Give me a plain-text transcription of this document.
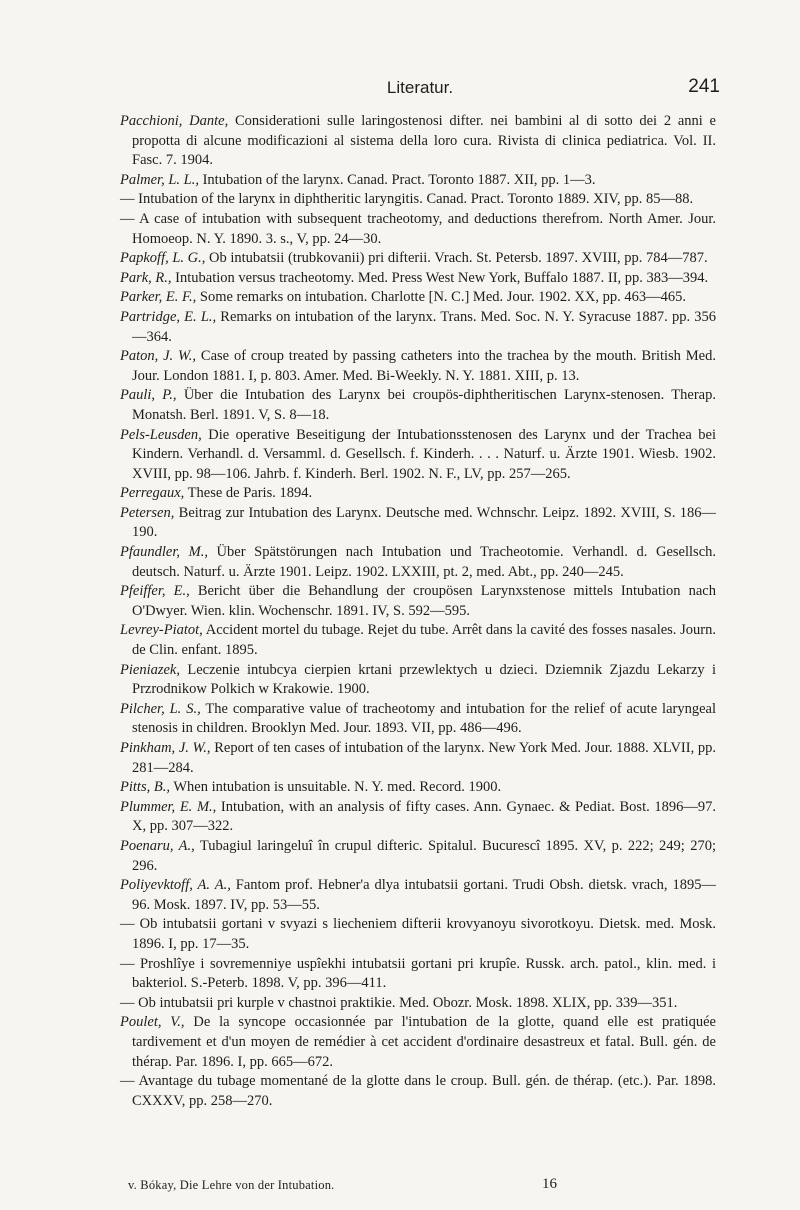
Literatur.	241

Pacchioni, Dante, Considerationi sulle laringostenosi difter. nei bambini al di sotto dei 2 anni e propotta di alcune modificazioni al sistema della loro cura. Rivista di clinica pediatrica. Vol. II. Fasc. 7. 1904.

Palmer, L. L., Intubation of the larynx. Canad. Pract. Toronto 1887. XII, pp. 1—3.

— Intubation of the larynx in diphtheritic laryngitis. Canad. Pract. Toronto 1889. XIV, pp. 85—88.

— A case of intubation with subsequent tracheotomy, and deductions therefrom. North Amer. Jour. Homoeop. N. Y. 1890. 3. s., V, pp. 24—30.

Papkoff, L. G., Ob intubatsii (trubkovanii) pri difterii. Vrach. St. Petersb. 1897. XVIII, pp. 784—787.

Park, R., Intubation versus tracheotomy. Med. Press West New York, Buffalo 1887. II, pp. 383—394.

Parker, E. F., Some remarks on intubation. Charlotte [N. C.] Med. Jour. 1902. XX, pp. 463—465.

Partridge, E. L., Remarks on intubation of the larynx. Trans. Med. Soc. N. Y. Syracuse 1887. pp. 356—364.

Paton, J. W., Case of croup treated by passing catheters into the trachea by the mouth. British Med. Jour. London 1881. I, p. 803. Amer. Med. Bi-Weekly. N. Y. 1881. XIII, p. 13.

Pauli, P., Über die Intubation des Larynx bei croupös-diphtheritischen Larynx-stenosen. Therap. Monatsh. Berl. 1891. V, S. 8—18.

Pels-Leusden, Die operative Beseitigung der Intubationsstenosen des Larynx und der Trachea bei Kindern. Verhandl. d. Versamml. d. Gesellsch. f. Kinderh. . . . Naturf. u. Ärzte 1901. Wiesb. 1902. XVIII, pp. 98—106. Jahrb. f. Kinderh. Berl. 1902. N. F., LV, pp. 257—265.

Perregaux, These de Paris. 1894.

Petersen, Beitrag zur Intubation des Larynx. Deutsche med. Wchnschr. Leipz. 1892. XVIII, S. 186—190.

Pfaundler, M., Über Spätstörungen nach Intubation und Tracheotomie. Verhandl. d. Gesellsch. deutsch. Naturf. u. Ärzte 1901. Leipz. 1902. LXXIII, pt. 2, med. Abt., pp. 240—245.

Pfeiffer, E., Bericht über die Behandlung der croupösen Larynxstenose mittels Intubation nach O'Dwyer. Wien. klin. Wochenschr. 1891. IV, S. 592—595.

Levrey-Piatot, Accident mortel du tubage. Rejet du tube. Arrêt dans la cavité des fosses nasales. Journ. de Clin. enfant. 1895.

Pieniazek, Leczenie intubcya cierpien krtani przewlektych u dzieci. Dziemnik Zjazdu Lekarzy i Przrodnikow Polkich w Krakowie. 1900.

Pilcher, L. S., The comparative value of tracheotomy and intubation for the relief of acute laryngeal stenosis in children. Brooklyn Med. Jour. 1893. VII, pp. 486—496.

Pinkham, J. W., Report of ten cases of intubation of the larynx. New York Med. Jour. 1888. XLVII, pp. 281—284.

Pitts, B., When intubation is unsuitable. N. Y. med. Record. 1900.

Plummer, E. M., Intubation, with an analysis of fifty cases. Ann. Gynaec. & Pediat. Bost. 1896—97. X, pp. 307—322.

Poenaru, A., Tubagiul laringeluî în crupul difteric. Spitalul. Bucurescî 1895. XV, p. 222; 249; 270; 296.

Poliyevktoff, A. A., Fantom prof. Hebner'a dlya intubatsii gortani. Trudi Obsh. dietsk. vrach, 1895—96. Mosk. 1897. IV, pp. 53—55.

— Ob intubatsii gortani v svyazi s liecheniem difterii krovyanoyu sivorotkoyu. Dietsk. med. Mosk. 1896. I, pp. 17—35.

— Proshlîye i sovremenniye uspîekhi intubatsii gortani pri krupîe. Russk. arch. patol., klin. med. i bakteriol. S.-Peterb. 1898. V, pp. 396—411.

— Ob intubatsii pri kurple v chastnoi praktikie. Med. Obozr. Mosk. 1898. XLIX, pp. 339—351.

Poulet, V., De la syncope occasionnée par l'intubation de la glotte, quand elle est pratiquée tardivement et d'un moyen de remédier à cet accident d'ordinaire desastreux et fatal. Bull. gén. de thérap. Par. 1896. I, pp. 665—672.

— Avantage du tubage momentané de la glotte dans le croup. Bull. gén. de thérap. (etc.). Par. 1898. CXXXV, pp. 258—270.

v. Bókay, Die Lehre von der Intubation.	16
